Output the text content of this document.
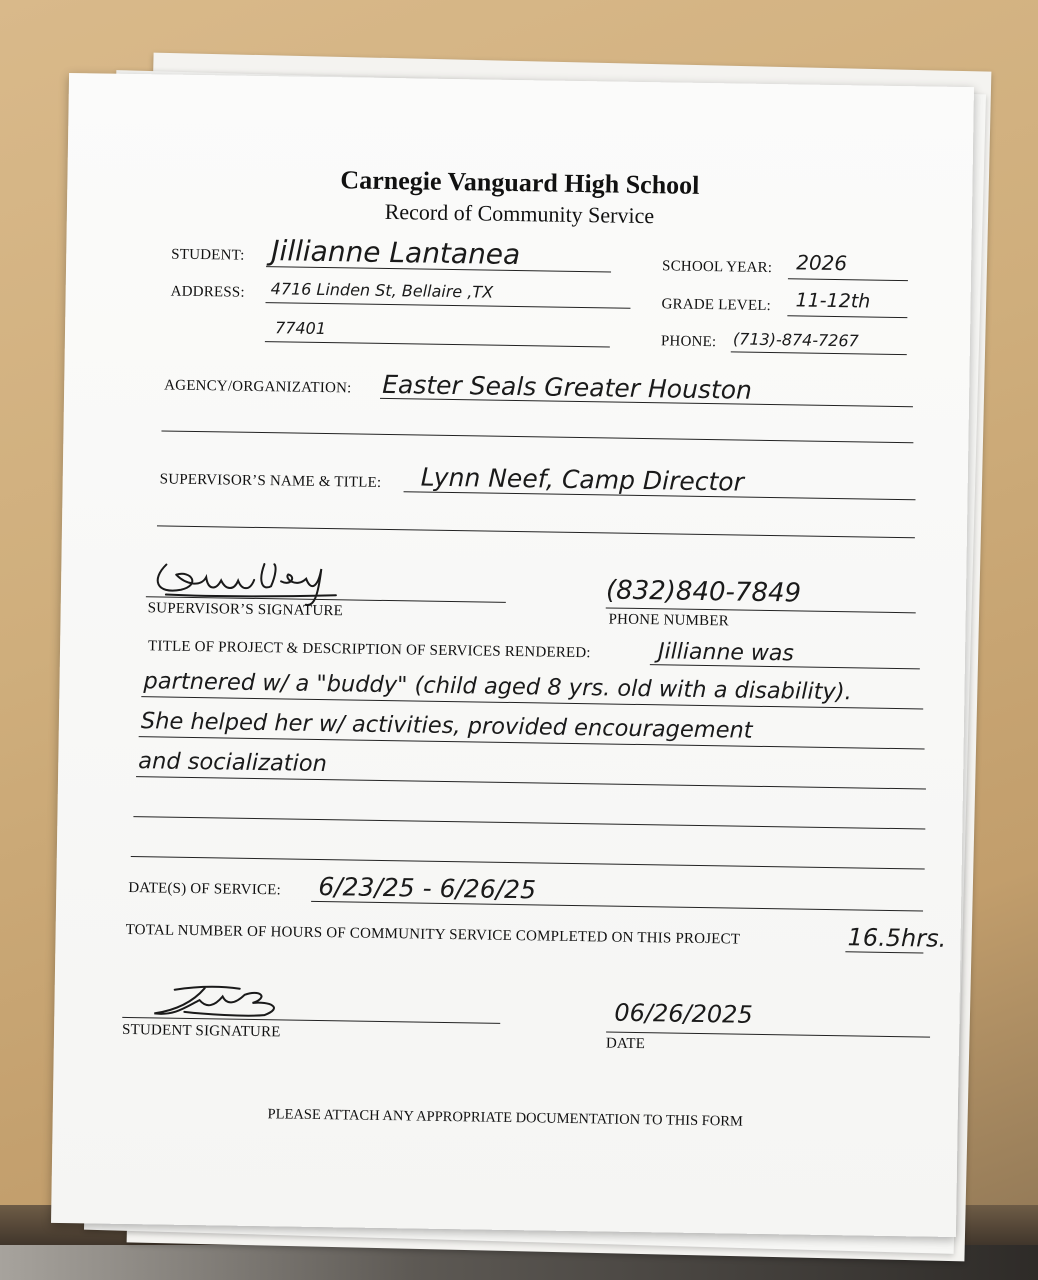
Carnegie Vanguard High School
Record of Community Service
STUDENT: Jillianne Lantanea	SCHOOL YEAR: 2026
ADDRESS: 4716 Linden St, Bellaire ,TX
77401
GRADE LEVEL: 11-12th
PHONE: (713)-874-7267
AGENCY/ORGANIZATION: Easter Seals Greater Houston
SUPERVISOR’S NAME & TITLE: Lynn Neef, Camp Director
SUPERVISOR’S SIGNATURE
(832)840-7849
PHONE NUMBER
TITLE OF PROJECT & DESCRIPTION OF SERVICES RENDERED:	Jillianne was
partnered w/ a "buddy" (child aged 8 yrs. old with a disability).
She helped her w/ activities, provided encouragement
and socialization
DATE(S) OF SERVICE: 6/23/25 - 6/26/25
TOTAL NUMBER OF HOURS OF COMMUNITY SERVICE COMPLETED ON THIS PROJECT	16.5hrs.
STUDENT SIGNATURE
06/26/2025
DATE
PLEASE ATTACH ANY APPROPRIATE DOCUMENTATION TO THIS FORM
